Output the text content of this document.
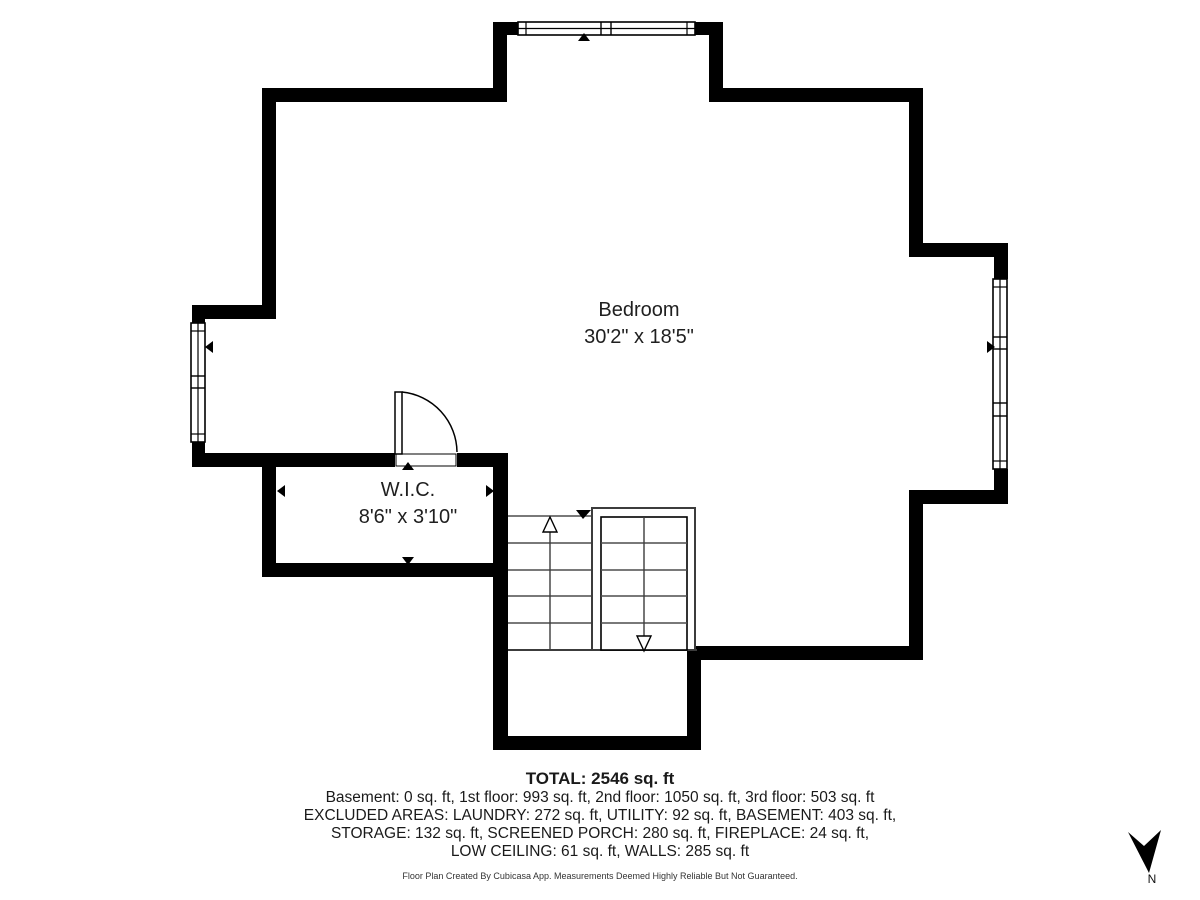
Bedroom
30'2" x 18'5"
W.I.C.
8'6" x 3'10"
TOTAL: 2546 sq. ft
Basement: 0 sq. ft, 1st floor: 993 sq. ft, 2nd floor: 1050 sq. ft, 3rd floor: 503 sq. ft
EXCLUDED AREAS: LAUNDRY: 272 sq. ft, UTILITY: 92 sq. ft, BASEMENT: 403 sq. ft,
STORAGE: 132 sq. ft, SCREENED PORCH: 280 sq. ft, FIREPLACE: 24 sq. ft,
LOW CEILING: 61 sq. ft, WALLS: 285 sq. ft
Floor Plan Created By Cubicasa App. Measurements Deemed Highly Reliable But Not Guaranteed.	N
